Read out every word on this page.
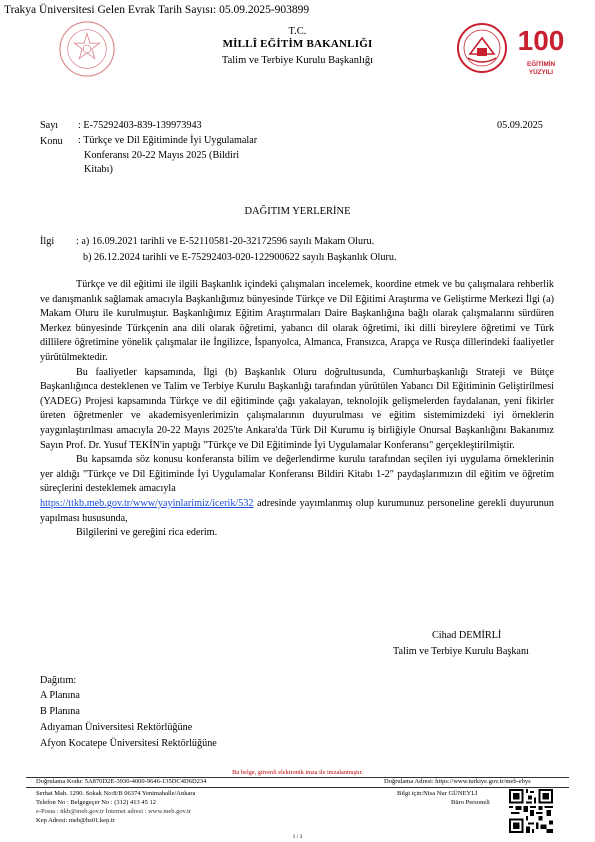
Trakya Üniversitesi Gelen Evrak Tarih Sayısı: 05.09.2025-903899
T.C.
MİLLÎ EĞİTİM BAKANLIĞI
Talim ve Terbiye Kurulu Başkanlığı
100
EĞİTİMİN
YÜZYILI
Sayı : E-75292403-839-139973943	05.09.2025
Konu : Türkçe ve Dil Eğitiminde İyi Uygulamalar
Konferansı 20-22 Mayıs 2025 (Bildiri
Kitabı)
DAĞITIM YERLERİNE
İlgi : a) 16.09.2021 tarihli ve E-52110581-20-32172596 sayılı Makam Oluru.
b) 26.12.2024 tarihli ve E-75292403-020-122900622 sayılı Başkanlık Oluru.

Türkçe ve dil eğitimi ile ilgili Başkanlık içindeki çalışmaları incelemek, koordine etmek ve bu çalışmalara rehberlik ve danışmanlık sağlamak amacıyla Başkanlığımız bünyesinde Türkçe ve Dil Eğitimi Araştırma ve Geliştirme Merkezi İlgi (a) Makam Oluru ile kurulmuştur. Başkanlığımız Eğitim Araştırmaları Daire Başkanlığına bağlı olarak çalışmalarını sürdüren Merkez bünyesinde Türkçenin ana dili olarak öğretimi, yabancı dil olarak öğretimi, iki dilli bireylere öğretimi ve Türk dillilere öğretimine yönelik çalışmalar ile İngilizce, İspanyolca, Almanca, Fransızca, Arapça ve Rusça dillerindeki faaliyetler yürütülmektedir.

Bu faaliyetler kapsamında, İlgi (b) Başkanlık Oluru doğrultusunda, Cumhurbaşkanlığı Strateji ve Bütçe Başkanlığınca desteklenen ve Talim ve Terbiye Kurulu Başkanlığı tarafından yürütülen Yabancı Dil Eğitiminin Geliştirilmesi (YADEG) Projesi kapsamında Türkçe ve dil eğitiminde çağı yakalayan, teknolojik gelişmelerden faydalanan, yeni fikirler üreten öğretmenler ve akademisyenlerimizin çalışmalarının duyurulması ve eğitim sistemimizdeki iyi örneklerin yaygınlaştırılması amacıyla 20-22 Mayıs 2025'te Ankara'da Türk Dil Kurumu iş birliğiyle Onursal Başkanlığını Bakanımız Sayın Prof. Dr. Yusuf TEKİN'in yaptığı "Türkçe ve Dil Eğitiminde İyi Uygulamalar Konferansı" gerçekleştirilmiştir.

Bu kapsamda söz konusu konferansta bilim ve değerlendirme kurulu tarafından seçilen iyi uygulama örneklerinin yer aldığı "Türkçe ve Dil Eğitiminde İyi Uygulamalar Konferansı Bildiri Kitabı 1-2" paydaşlarımızın dil eğitim ve öğretim süreçlerini desteklemek amacıyla
https://ttkb.meb.gov.tr/www/yayinlarimiz/icerik/532 adresinde yayımlanmış olup kurumunuz personeline gerekli duyurunun yapılması hususunda,

Bilgilerini ve gereğini rica ederim.

Cihad DEMİRLİ
Talim ve Terbiye Kurulu Başkanı
Dağıtım:
A Planına
B Planına
Adıyaman Üniversitesi Rektörlüğüne
Afyon Kocatepe Üniversitesi Rektörlüğüne
Bu belge, güvenli elektronik imza ile imzalanmıştır.
Doğrulama Kodu: 5A870D2E-3930-4000-9646-135DC4D6D234	Doğrulama Adresi: https://www.turkiye.gov.tr/meb-ebys
Serhat Mah. 1290. Sokak No:8/B 06374 Yenimahalle/Ankara	Bilgi için:Nisa Nur GÜNEYLİ
Telefon No : Belgegeçer No : (312) 413 45 12	Büro Personeli
e-Posta : ttkb@meb.gov.tr İnternet adresi : www.meb.gov.tr
Kep Adresi: meb@hs01.kep.tr
1 / 3
